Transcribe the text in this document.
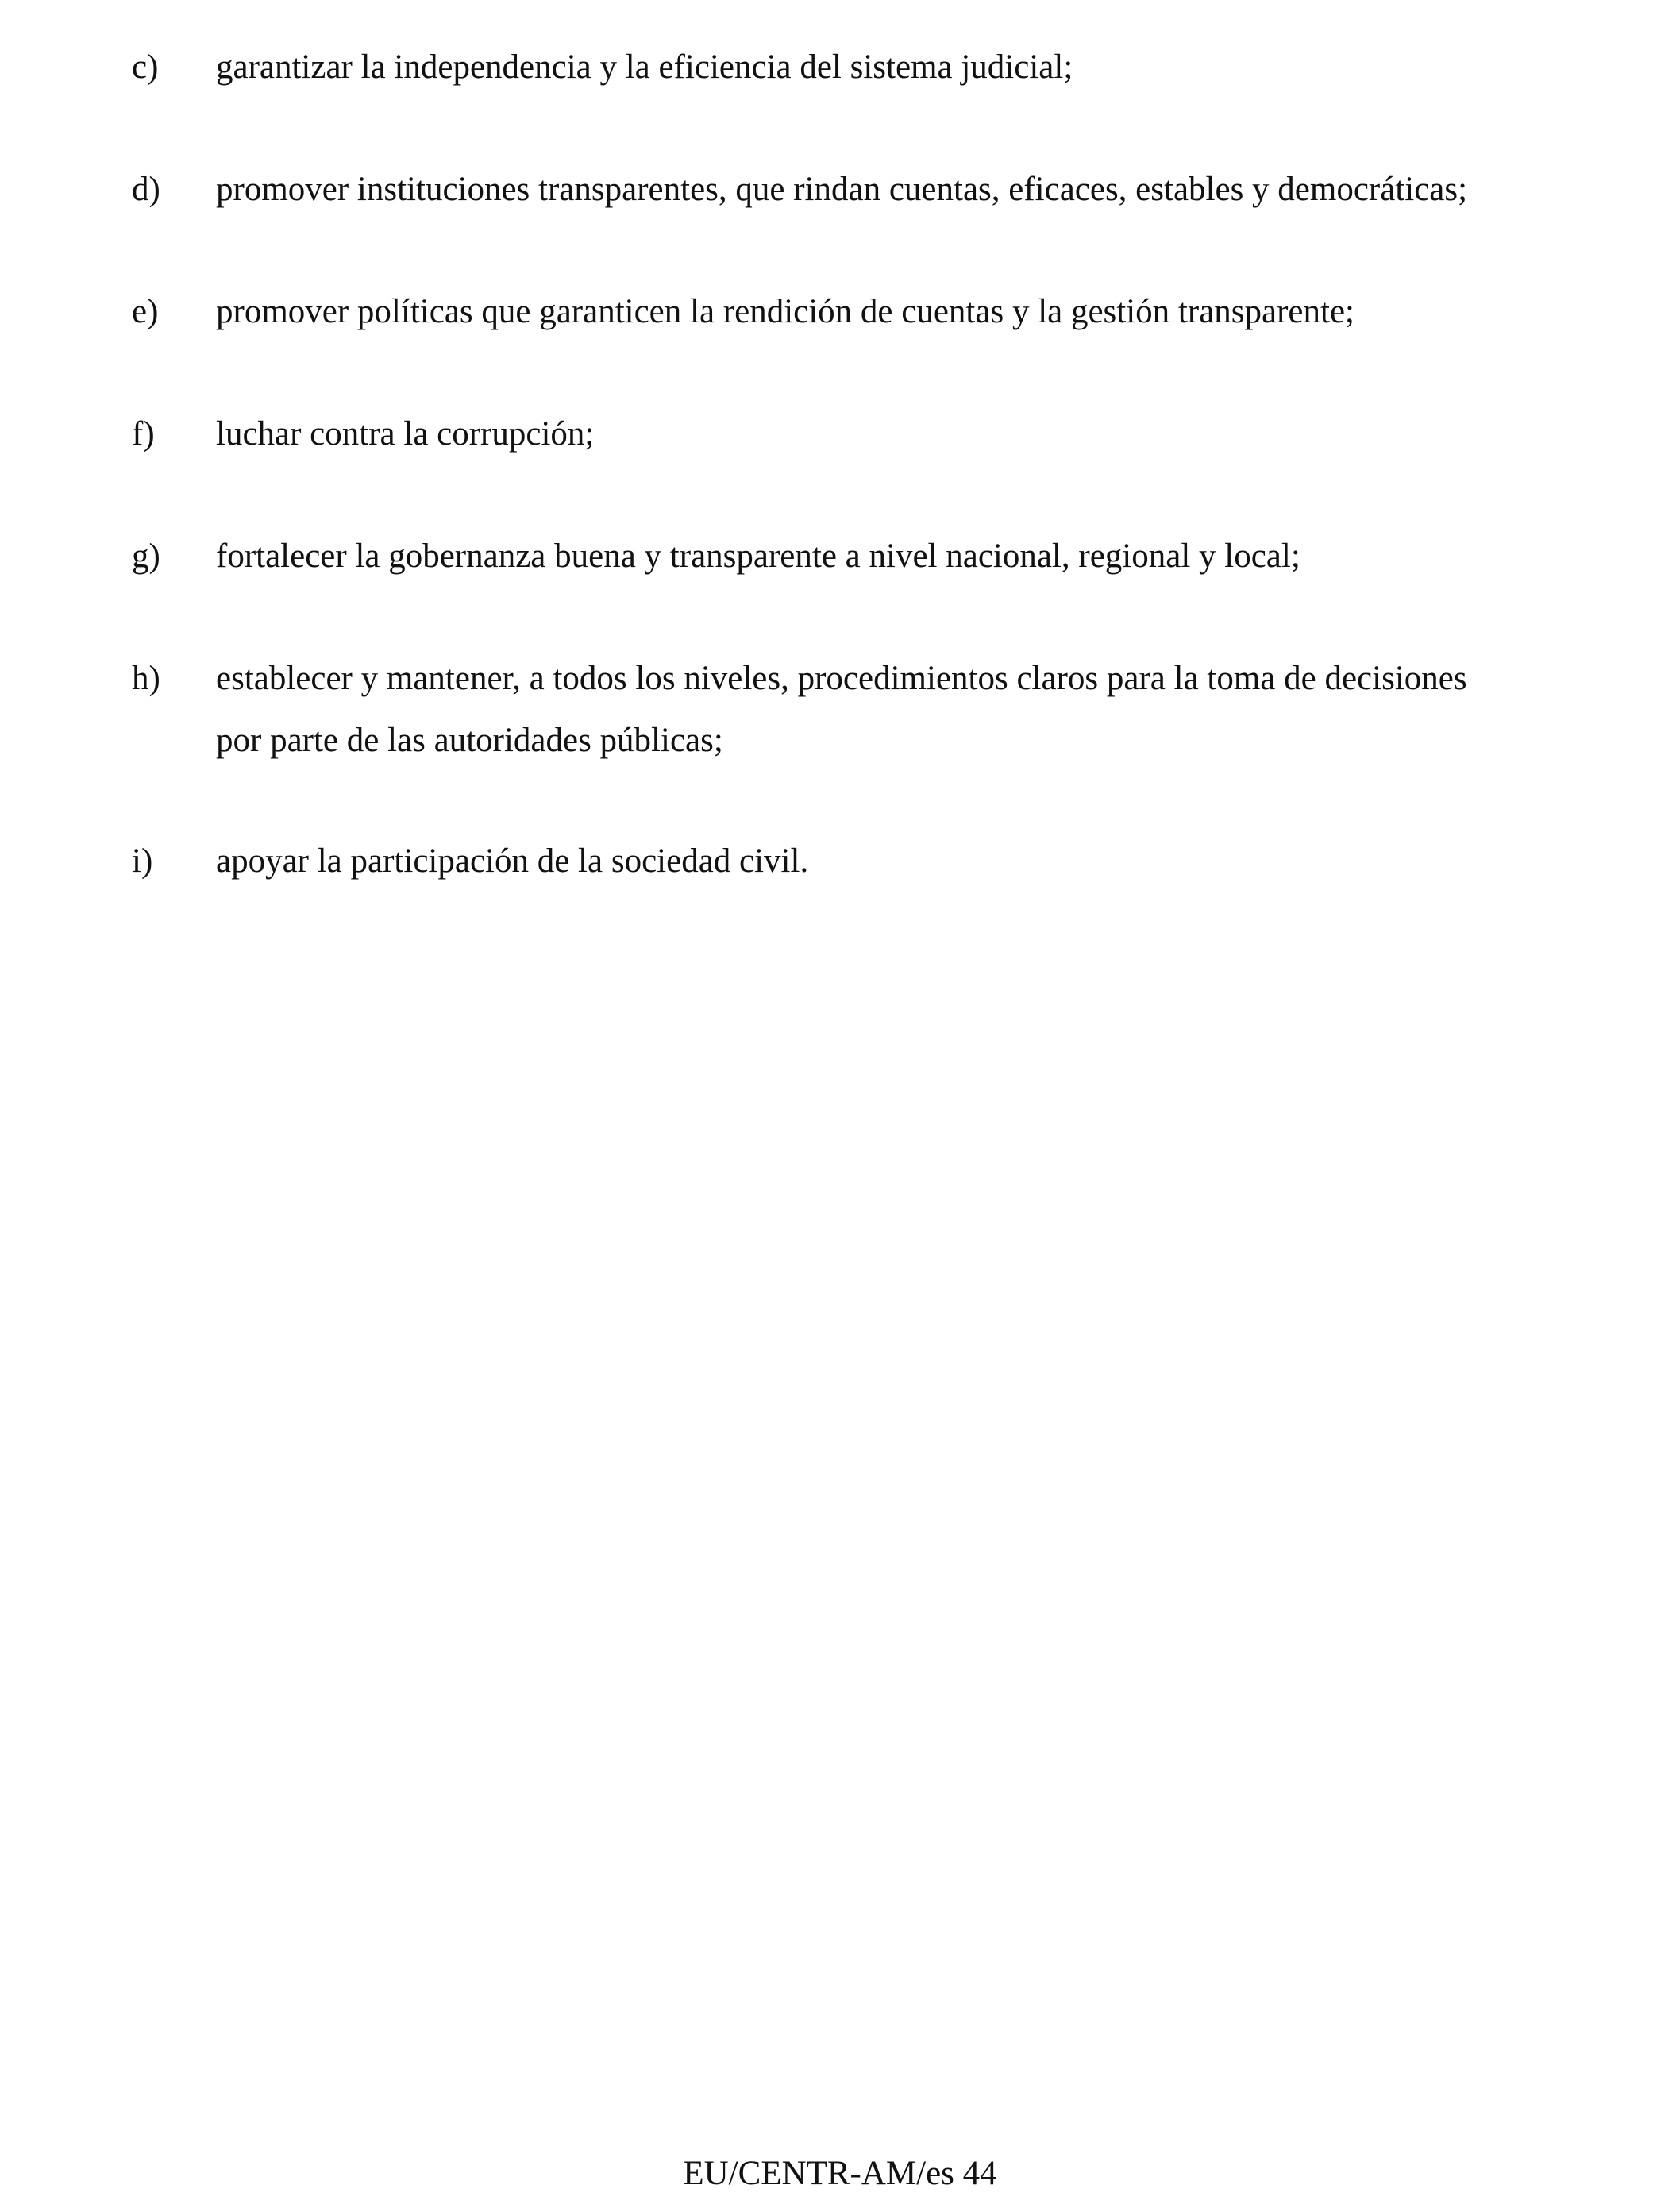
c) garantizar la independencia y la eficiencia del sistema judicial;
d) promover instituciones transparentes, que rindan cuentas, eficaces, estables y democráticas;
e) promover políticas que garanticen la rendición de cuentas y la gestión transparente;
f) luchar contra la corrupción;
g) fortalecer la gobernanza buena y transparente a nivel nacional, regional y local;
h) establecer y mantener, a todos los niveles, procedimientos claros para la toma de decisiones
por parte de las autoridades públicas;
i) apoyar la participación de la sociedad civil.
EU/CENTR-AM/es 44
